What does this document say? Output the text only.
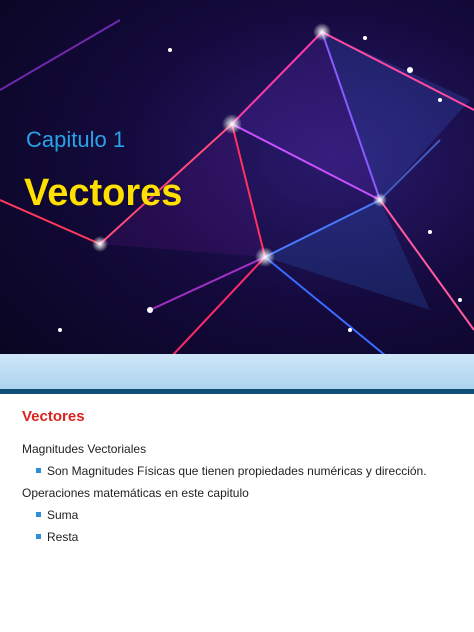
Capitulo 1

Vectores
Vectores
Magnitudes Vectoriales
Son Magnitudes Físicas que tienen propiedades numéricas y dirección.
Operaciones matemáticas en este capitulo
Suma
Resta
